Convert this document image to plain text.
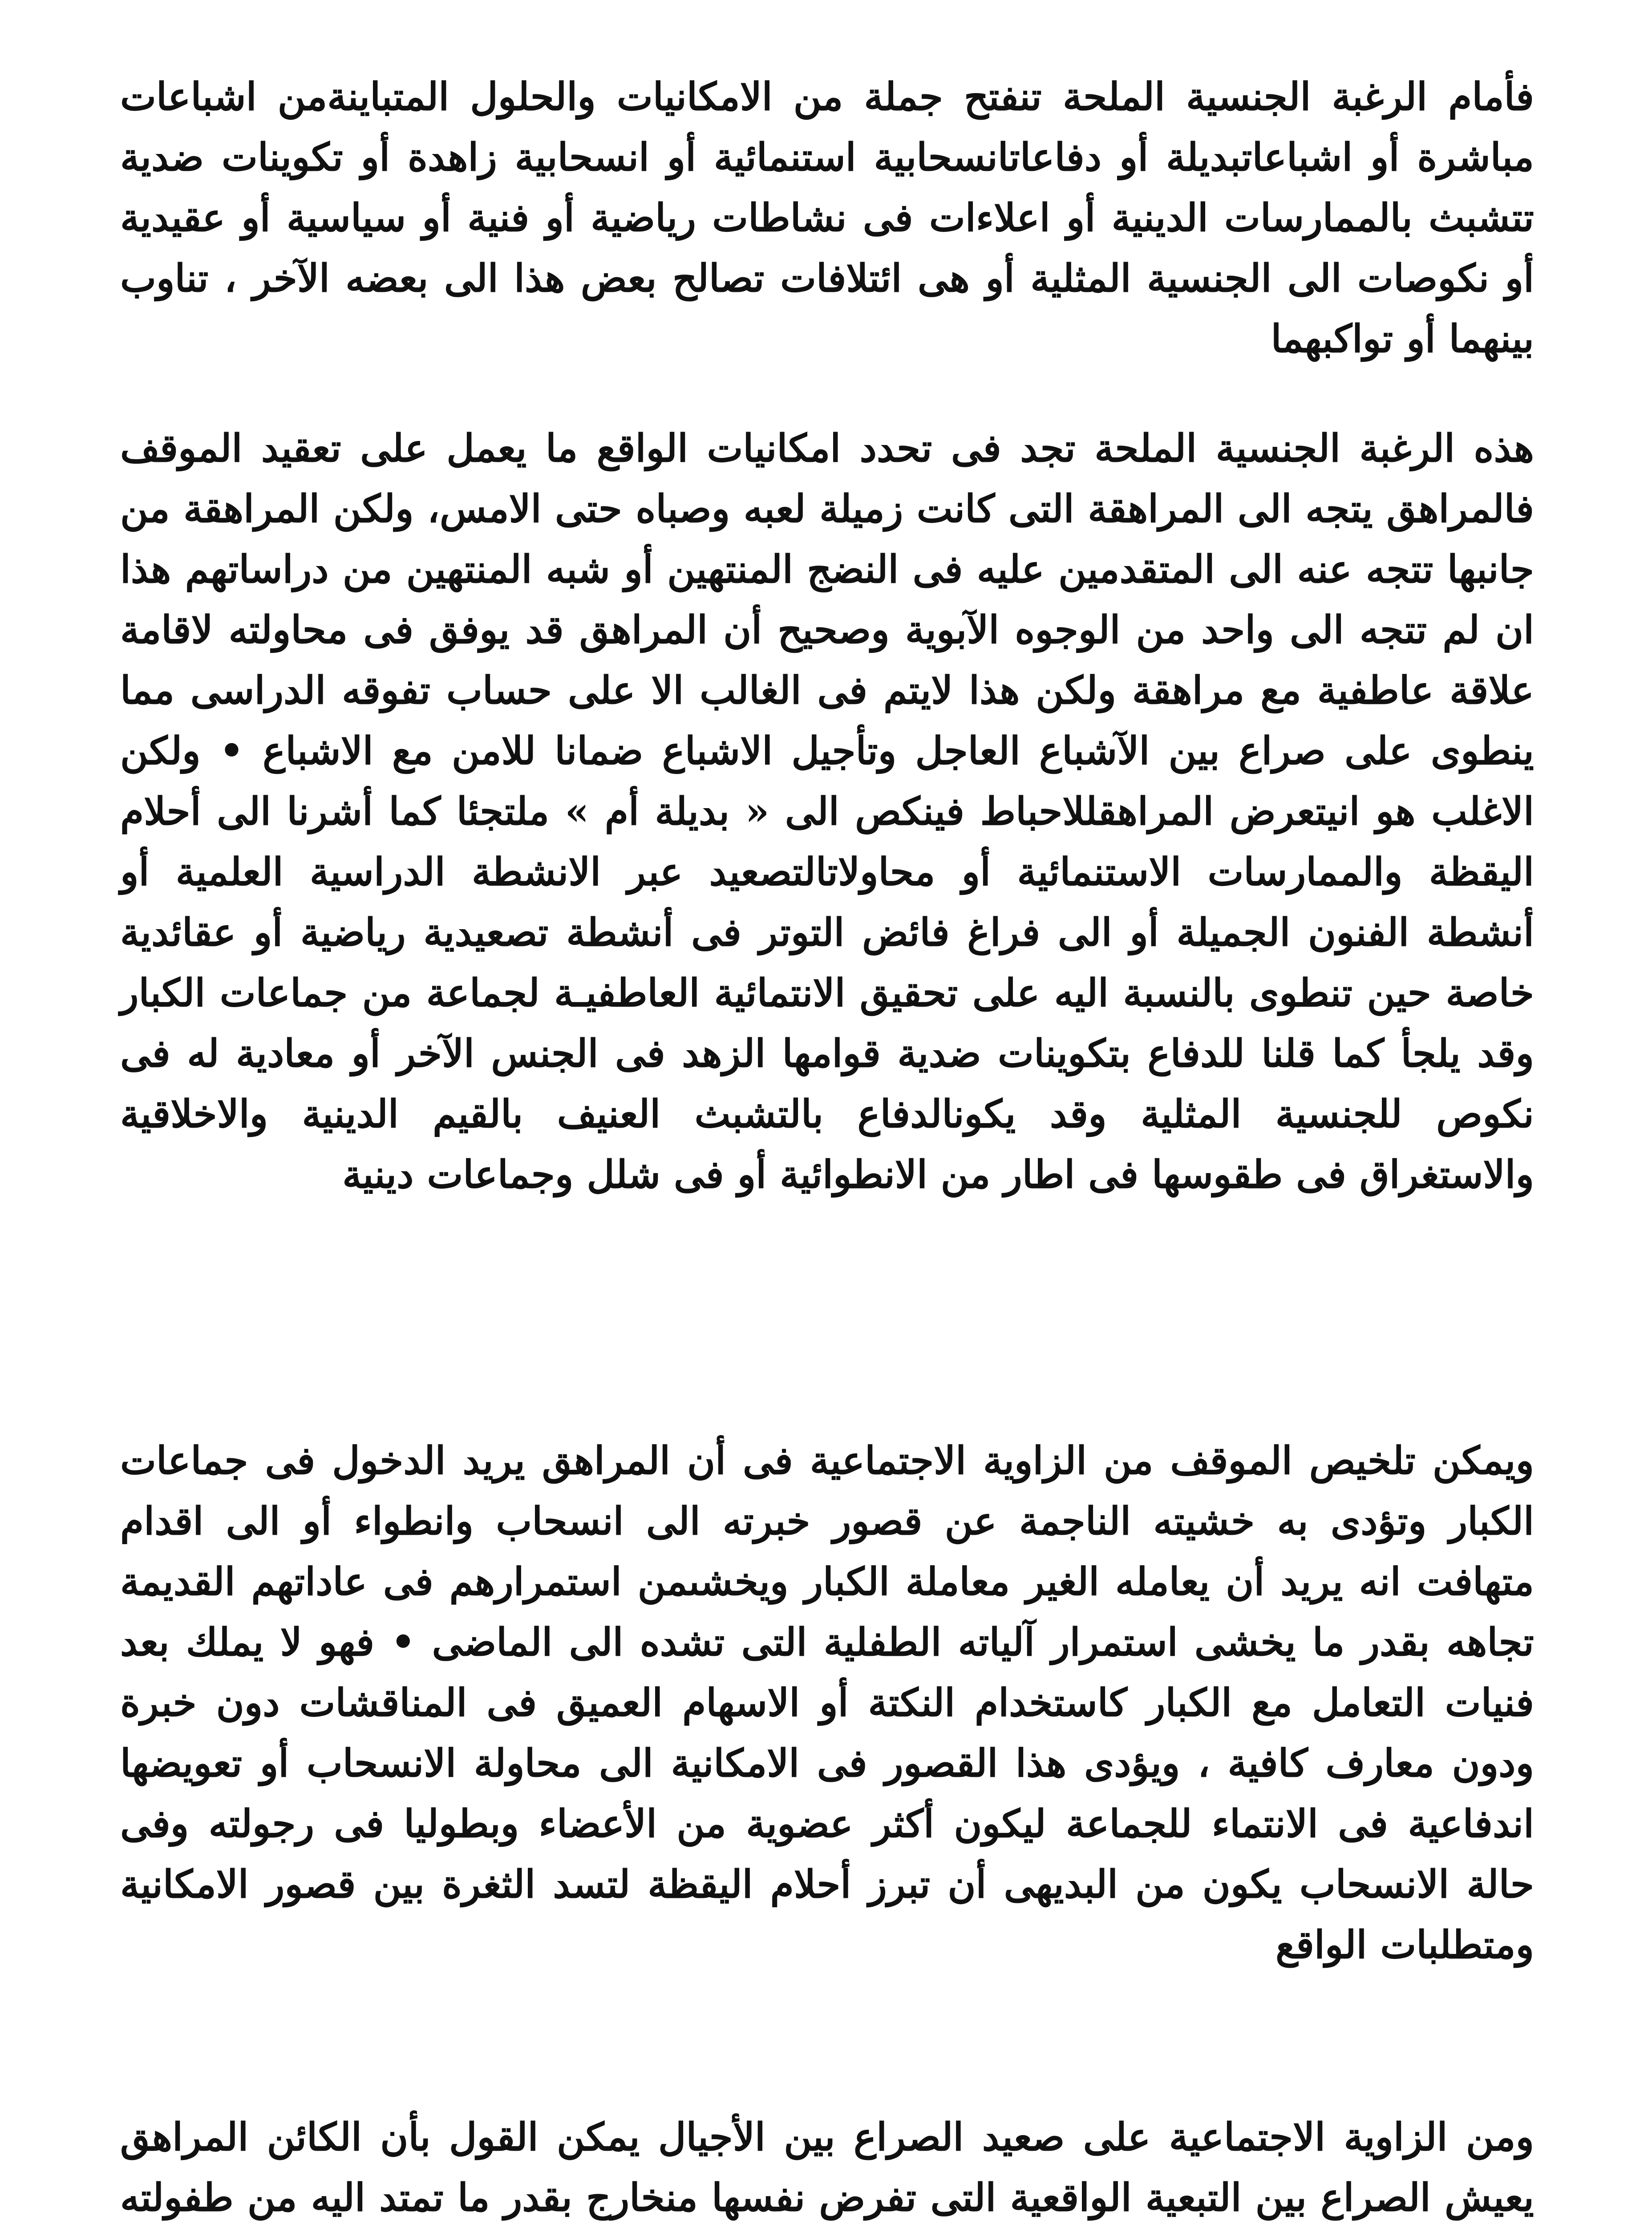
فأمام الرغبة الجنسية الملحة تنفتح جملة من الامكانيات والحلول المتباينةمن اشباعات مباشرة أو اشباعاتبديلة أو دفاعاتانسحابية استنمائية أو انسحابية زاهدة أو تكوينات ضدية تتشبث بالممارسات الدينية أو اعلاءات فى نشاطات رياضية أو فنية أو سياسية أو عقيدية أو نكوصات الى الجنسية المثلية أو هى ائتلافات تصالح بعض هذا الى بعضه الآخر ، تناوب بينهما أو تواكبهما

هذه الرغبة الجنسية الملحة تجد فى تحدد امكانيات الواقع ما يعمل على تعقيد الموقف فالمراهق يتجه الى المراهقة التى كانت زميلة لعبه وصباه حتى الامس، ولكن المراهقة من جانبها تتجه عنه الى المتقدمين عليه فى النضج المنتهين أو شبه المنتهين من دراساتهم هذا ان لم تتجه الى واحد من الوجوه الآبوية وصحيح أن المراهق قد يوفق فى محاولته لاقامة علاقة عاطفية مع مراهقة ولكن هذا لايتم فى الغالب الا على حساب تفوقه الدراسى مما ينطوى على صراع بين الآشباع العاجل وتأجيل الاشباع ضمانا للامن مع الاشباع • ولكن الاغلب هو انيتعرض المراهقللاحباط فينكص الى « بديلة أم » ملتجئا كما أشرنا الى أحلام اليقظة والممارسات الاستنمائية أو محاولاتالتصعيد عبر الانشطة الدراسية العلمية أو أنشطة الفنون الجميلة أو الى فراغ فائض التوتر فى أنشطة تصعيدية رياضية أو عقائدية خاصة حين تنطوى بالنسبة اليه على تحقيق الانتمائية العاطفيـة لجماعة من جماعات الكبار وقد يلجأ كما قلنا للدفاع بتكوينات ضدية قوامها الزهد فى الجنس الآخر أو معادية له فى نكوص للجنسية المثلية وقد يكونالدفاع بالتشبث العنيف بالقيم الدينية والاخلاقية والاستغراق فى طقوسها فى اطار من الانطوائية أو فى شلل وجماعات دينية

ويمكن تلخيص الموقف من الزاوية الاجتماعية فى أن المراهق يريد الدخول فى جماعات الكبار وتؤدى به خشيته الناجمة عن قصور خبرته الى انسحاب وانطواء أو الى اقدام متهافت انه يريد أن يعامله الغير معاملة الكبار ويخشىمن استمرارهم فى عاداتهم القديمة تجاهه بقدر ما يخشى استمرار آلياته الطفلية التى تشده الى الماضى • فهو لا يملك بعد فنيات التعامل مع الكبار كاستخدام النكتة أو الاسهام العميق فى المناقشات دون خبرة ودون معارف كافية ، ويؤدى هذا القصور فى الامكانية الى محاولة الانسحاب أو تعويضها اندفاعية فى الانتماء للجماعة ليكون أكثر عضوية من الأعضاء وبطوليا فى رجولته وفى حالة الانسحاب يكون من البديهى أن تبرز أحلام اليقظة لتسد الثغرة بين قصور الامكانية ومتطلبات الواقع

ومن الزاوية الاجتماعية على صعيد الصراع بين الأجيال يمكن القول بأن الكائن المراهق يعيش الصراع بين التبعية الواقعية التى تفرض نفسها منخارج بقدر ما تمتد اليه من طفولته
